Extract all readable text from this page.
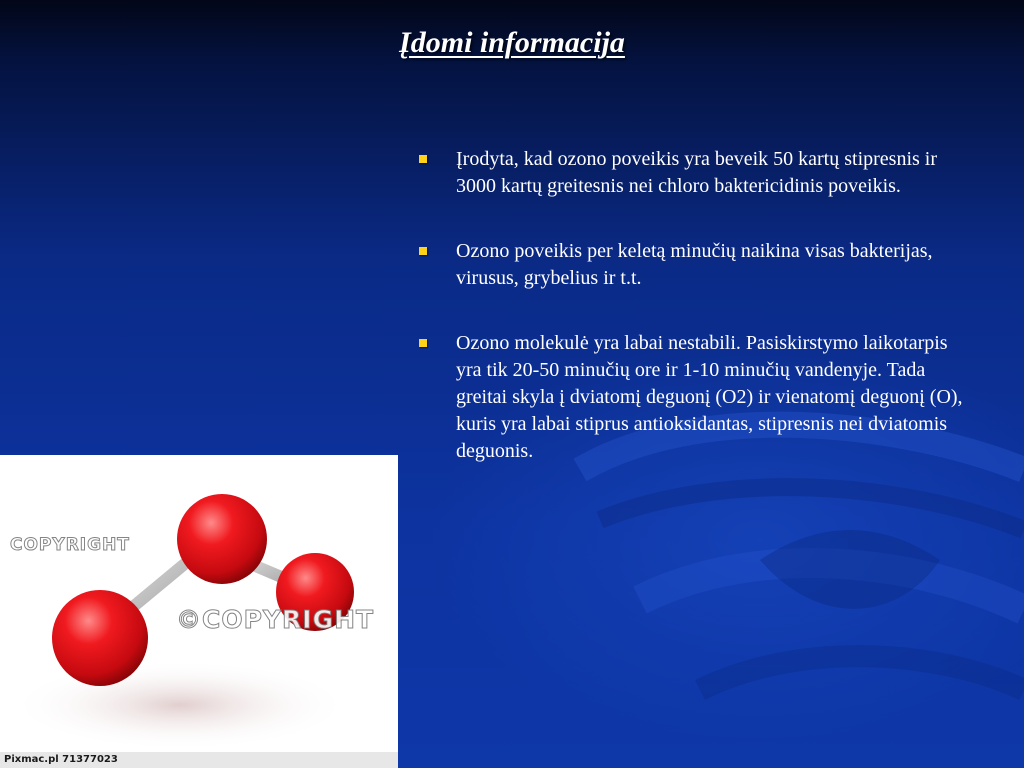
Įdomi informacija
Įrodyta, kad ozono poveikis yra beveik 50 kartų stipresnis ir 3000 kartų greitesnis nei chloro baktericidinis poveikis.
Ozono poveikis per keletą minučių naikina visas bakterijas, virusus, grybelius ir t.t.
Ozono molekulė yra labai nestabili. Pasiskirstymo laikotarpis yra tik 20-50 minučių ore ir 1-10 minučių vandenyje. Tada greitai skyla į dviatomį deguonį (O2) ir vienatomį deguonį (O), kuris yra labai stiprus antioksidantas, stipresnis nei dviatomis deguonis.
COPYRIGHT
©COPYRIGHT
Pixmac.pl 71377023
